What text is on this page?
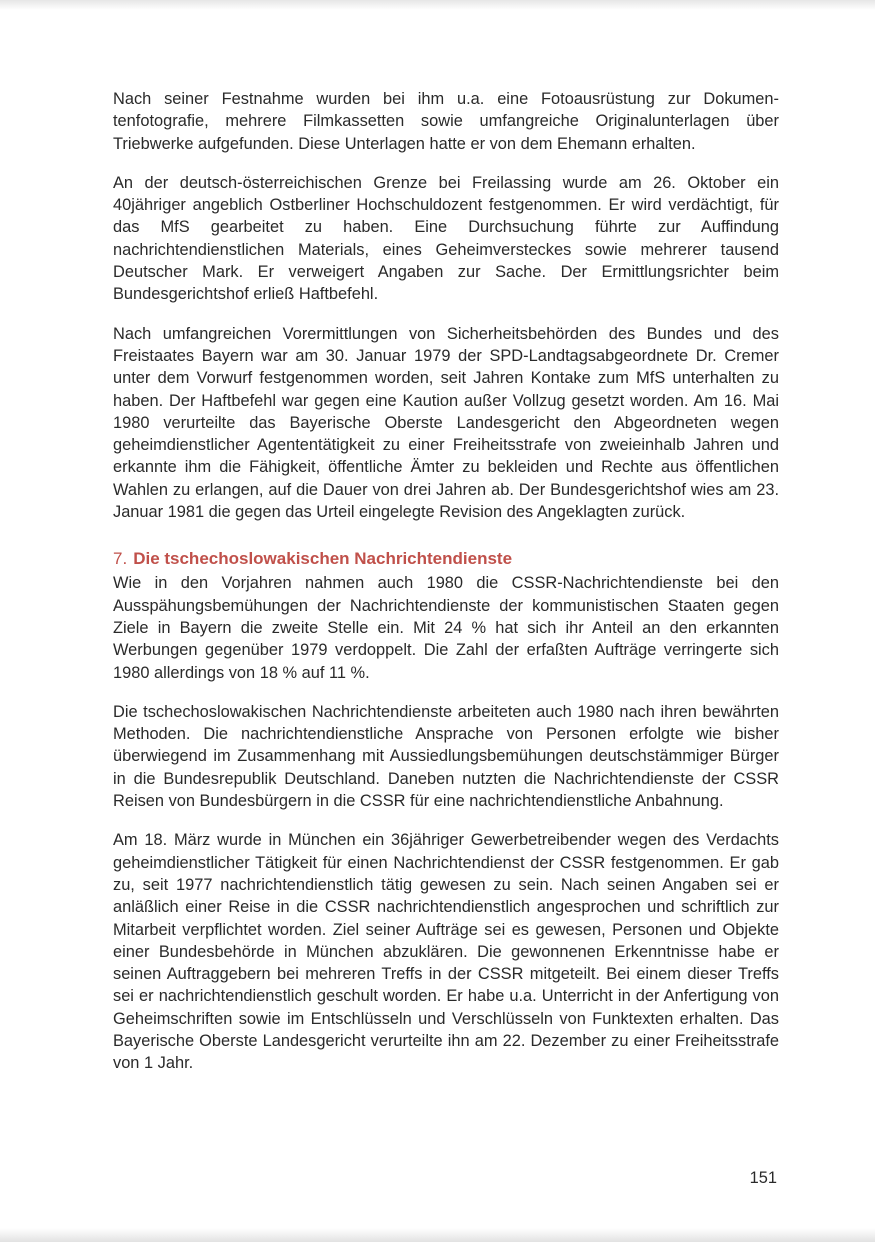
Nach seiner Festnahme wurden bei ihm u.a. eine Fotoausrüstung zur Dokumentenfotografie, mehrere Filmkassetten sowie umfangreiche Originalunterlagen über Triebwerke aufgefunden. Diese Unterlagen hatte er von dem Ehemann erhalten.

An der deutsch-österreichischen Grenze bei Freilassing wurde am 26. Oktober ein 40jähriger angeblich Ostberliner Hochschuldozent festgenommen. Er wird verdächtigt, für das MfS gearbeitet zu haben. Eine Durchsuchung führte zur Auffindung nachrichtendienstlichen Materials, eines Geheimversteckes sowie mehrerer tausend Deutscher Mark. Er verweigert Angaben zur Sache. Der Ermittlungsrichter beim Bundesgerichtshof erließ Haftbefehl.

Nach umfangreichen Vorermittlungen von Sicherheitsbehörden des Bundes und des Freistaates Bayern war am 30. Januar 1979 der SPD-Landtagsabgeordnete Dr. Cremer unter dem Vorwurf festgenommen worden, seit Jahren Kontake zum MfS unterhalten zu haben. Der Haftbefehl war gegen eine Kaution außer Vollzug gesetzt worden. Am 16. Mai 1980 verurteilte das Bayerische Oberste Landesgericht den Abgeordneten wegen geheimdienstlicher Agententätigkeit zu einer Freiheitsstrafe von zweieinhalb Jahren und erkannte ihm die Fähigkeit, öffentliche Ämter zu bekleiden und Rechte aus öffentlichen Wahlen zu erlangen, auf die Dauer von drei Jahren ab. Der Bundesgerichtshof wies am 23. Januar 1981 die gegen das Urteil eingelegte Revision des Angeklagten zurück.

7. Die tschechoslowakischen Nachrichtendienste

Wie in den Vorjahren nahmen auch 1980 die CSSR-Nachrichtendienste bei den Ausspähungsbemühungen der Nachrichtendienste der kommunistischen Staaten gegen Ziele in Bayern die zweite Stelle ein. Mit 24 % hat sich ihr Anteil an den erkannten Werbungen gegenüber 1979 verdoppelt. Die Zahl der erfaßten Aufträge verringerte sich 1980 allerdings von 18 % auf 11 %.

Die tschechoslowakischen Nachrichtendienste arbeiteten auch 1980 nach ihren bewährten Methoden. Die nachrichtendienstliche Ansprache von Personen erfolgte wie bisher überwiegend im Zusammenhang mit Aussiedlungsbemühungen deutschstämmiger Bürger in die Bundesrepublik Deutschland. Daneben nutzten die Nachrichtendienste der CSSR Reisen von Bundesbürgern in die CSSR für eine nachrichtendienstliche Anbahnung.

Am 18. März wurde in München ein 36jähriger Gewerbetreibender wegen des Verdachts geheimdienstlicher Tätigkeit für einen Nachrichtendienst der CSSR festgenommen. Er gab zu, seit 1977 nachrichtendienstlich tätig gewesen zu sein. Nach seinen Angaben sei er anläßlich einer Reise in die CSSR nachrichtendienstlich angesprochen und schriftlich zur Mitarbeit verpflichtet worden. Ziel seiner Aufträge sei es gewesen, Personen und Objekte einer Bundesbehörde in München abzuklären. Die gewonnenen Erkenntnisse habe er seinen Auftraggebern bei mehreren Treffs in der CSSR mitgeteilt. Bei einem dieser Treffs sei er nachrichtendienstlich geschult worden. Er habe u.a. Unterricht in der Anfertigung von Geheimschriften sowie im Entschlüsseln und Verschlüsseln von Funktexten erhalten. Das Bayerische Oberste Landesgericht verurteilte ihn am 22. Dezember zu einer Freiheitsstrafe von 1 Jahr.

151
